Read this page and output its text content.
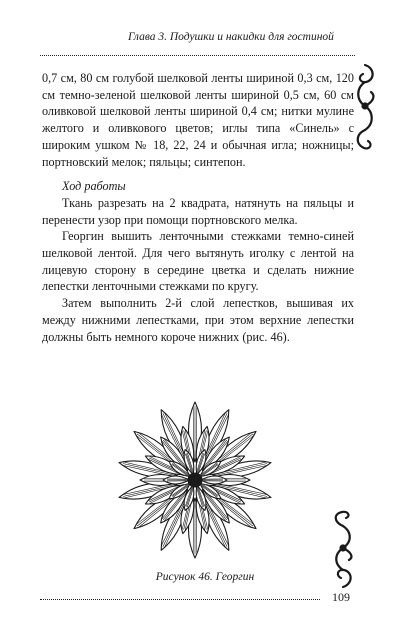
Глава 3. Подушки и накидки для гостиной

0,7 см, 80 см голубой шелковой ленты шириной 0,3 см, 120 см темно-зеленой шелковой ленты шириной 0,5 см, 60 см оливковой шелковой ленты шириной 0,4 см; нитки мулине желтого и оливкового цветов; иглы типа «Синель» с широким ушком № 18, 22, 24 и обычная игла; ножницы; портновский мелок; пяльцы; синтепон.

Ход работы

Ткань разрезать на 2 квадрата, натянуть на пяльцы и перенести узор при помощи портновского мелка.

Георгин вышить ленточными стежками темно-синей шелковой лентой. Для чего вытянуть иголку с лентой на лицевую сторону в середине цветка и сделать нижние лепестки ленточными стежками по кругу.

Затем выполнить 2-й слой лепестков, вышивая их между нижними лепестками, при этом верхние лепестки должны быть немного короче нижних (рис. 46).

Рисунок 46. Георгин
109
